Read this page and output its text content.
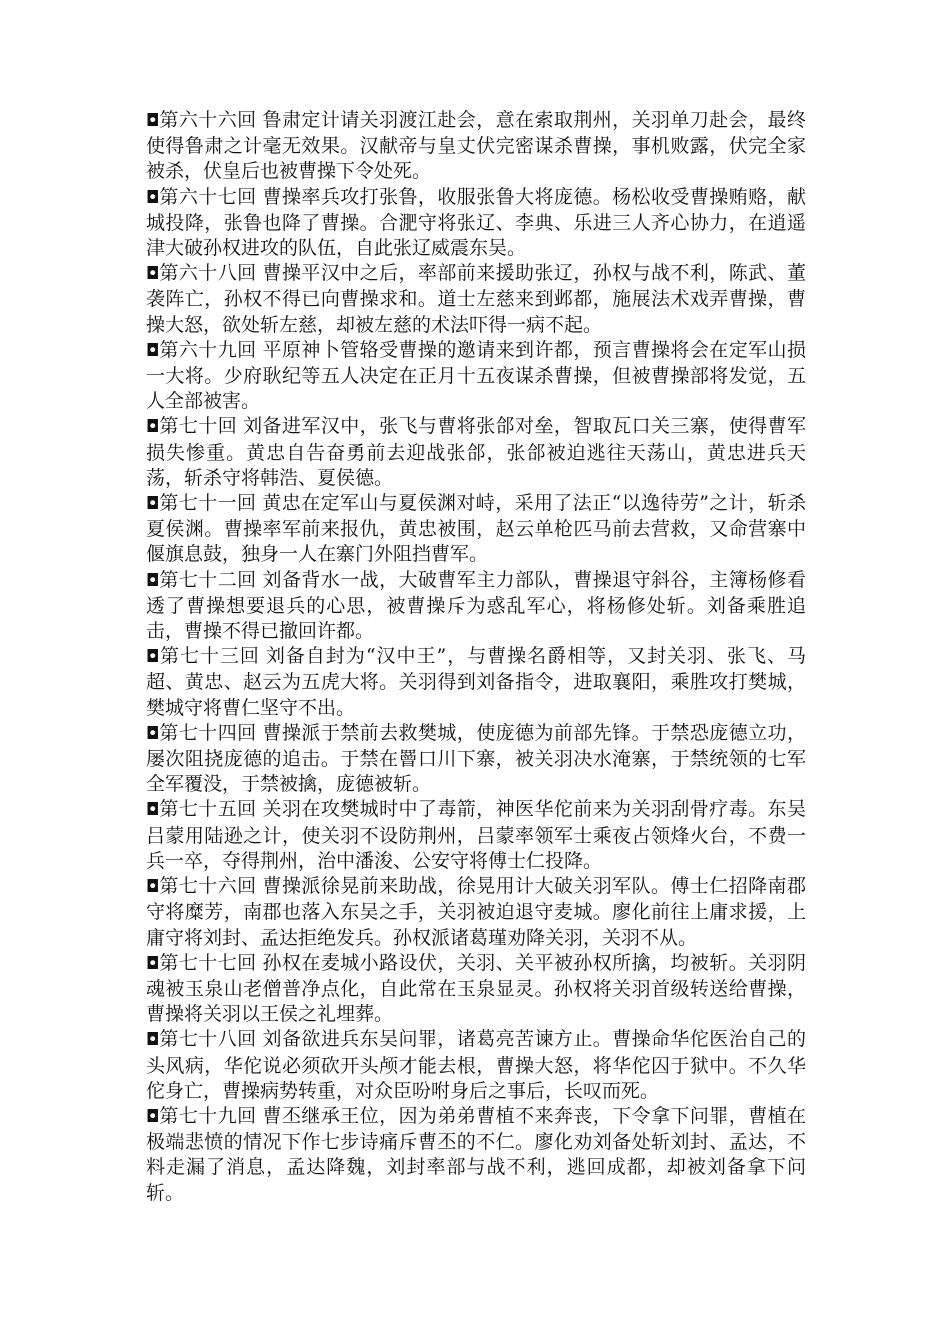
◘第六十六回 鲁肃定计请关羽渡江赴会，意在索取荆州，关羽单刀赴会，最终使得鲁肃之计毫无效果。汉献帝与皇丈伏完密谋杀曹操，事机败露，伏完全家被杀，伏皇后也被曹操下令处死。

◘第六十七回 曹操率兵攻打张鲁，收服张鲁大将庞德。杨松收受曹操贿赂，献城投降，张鲁也降了曹操。合淝守将张辽、李典、乐进三人齐心协力，在逍遥津大破孙权进攻的队伍，自此张辽威震东吴。

◘第六十八回 曹操平汉中之后，率部前来援助张辽，孙权与战不利，陈武、董袭阵亡，孙权不得已向曹操求和。道士左慈来到邺都，施展法术戏弄曹操，曹操大怒，欲处斩左慈，却被左慈的术法吓得一病不起。

◘第六十九回 平原神卜管辂受曹操的邀请来到许都，预言曹操将会在定军山损一大将。少府耿纪等五人决定在正月十五夜谋杀曹操，但被曹操部将发觉，五人全部被害。

◘第七十回 刘备进军汉中，张飞与曹将张郃对垒，智取瓦口关三寨，使得曹军损失惨重。黄忠自告奋勇前去迎战张郃，张郃被迫逃往天荡山，黄忠进兵天荡，斩杀守将韩浩、夏侯德。

◘第七十一回 黄忠在定军山与夏侯渊对峙，采用了法正“以逸待劳”之计，斩杀夏侯渊。曹操率军前来报仇，黄忠被围，赵云单枪匹马前去营救，又命营寨中偃旗息鼓，独身一人在寨门外阻挡曹军。

◘第七十二回 刘备背水一战，大破曹军主力部队，曹操退守斜谷，主簿杨修看透了曹操想要退兵的心思，被曹操斥为惑乱军心，将杨修处斩。刘备乘胜追击，曹操不得已撤回许都。

◘第七十三回 刘备自封为“汉中王”，与曹操名爵相等，又封关羽、张飞、马超、黄忠、赵云为五虎大将。关羽得到刘备指令，进取襄阳，乘胜攻打樊城，樊城守将曹仁坚守不出。

◘第七十四回 曹操派于禁前去救樊城，使庞德为前部先锋。于禁恐庞德立功，屡次阻挠庞德的追击。于禁在罾口川下寨，被关羽决水淹寨，于禁统领的七军全军覆没，于禁被擒，庞德被斩。

◘第七十五回 关羽在攻樊城时中了毒箭，神医华佗前来为关羽刮骨疗毒。东吴吕蒙用陆逊之计，使关羽不设防荆州，吕蒙率领军士乘夜占领烽火台，不费一兵一卒，夺得荆州，治中潘浚、公安守将傅士仁投降。

◘第七十六回 曹操派徐晃前来助战，徐晃用计大破关羽军队。傅士仁招降南郡守将糜芳，南郡也落入东吴之手，关羽被迫退守麦城。廖化前往上庸求援，上庸守将刘封、孟达拒绝发兵。孙权派诸葛瑾劝降关羽，关羽不从。

◘第七十七回 孙权在麦城小路设伏，关羽、关平被孙权所擒，均被斩。关羽阴魂被玉泉山老僧普净点化，自此常在玉泉显灵。孙权将关羽首级转送给曹操，曹操将关羽以王侯之礼埋葬。

◘第七十八回 刘备欲进兵东吴问罪，诸葛亮苦谏方止。曹操命华佗医治自己的头风病，华佗说必须砍开头颅才能去根，曹操大怒，将华佗囚于狱中。不久华佗身亡，曹操病势转重，对众臣吩咐身后之事后，长叹而死。

◘第七十九回 曹丕继承王位，因为弟弟曹植不来奔丧，下令拿下问罪，曹植在极端悲愤的情况下作七步诗痛斥曹丕的不仁。廖化劝刘备处斩刘封、孟达，不料走漏了消息，孟达降魏，刘封率部与战不利，逃回成都，却被刘备拿下问斩。
